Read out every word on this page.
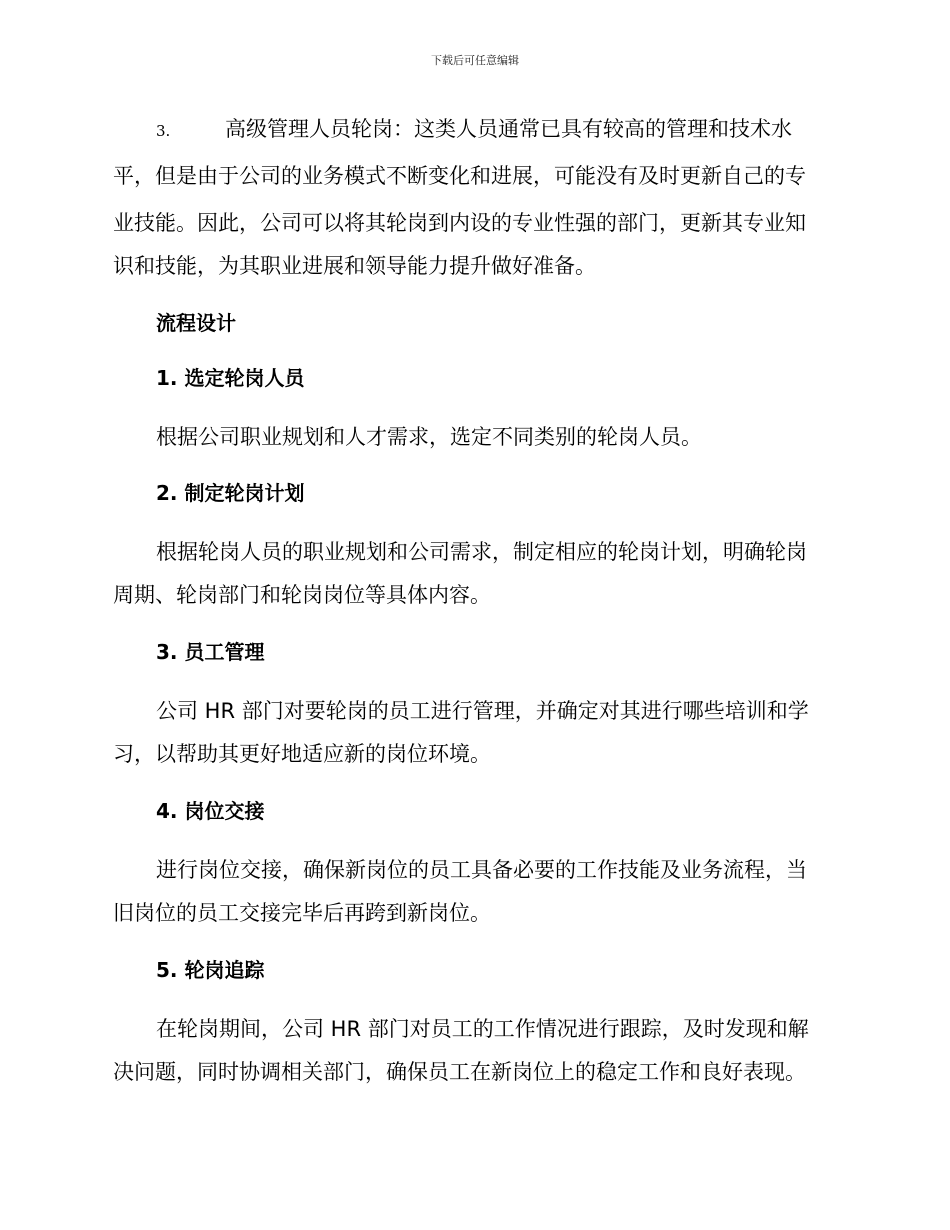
下载后可任意编辑
3.	高级管理人员轮岗：这类人员通常已具有较高的管理和技术水
平，但是由于公司的业务模式不断变化和进展，可能没有及时更新自己的专
业技能。因此，公司可以将其轮岗到内设的专业性强的部门，更新其专业知
识和技能，为其职业进展和领导能力提升做好准备。
流程设计
1. 选定轮岗人员
根据公司职业规划和人才需求，选定不同类别的轮岗人员。
2. 制定轮岗计划
根据轮岗人员的职业规划和公司需求，制定相应的轮岗计划，明确轮岗
周期、轮岗部门和轮岗岗位等具体内容。
3. 员工管理
公司 HR 部门对要轮岗的员工进行管理，并确定对其进行哪些培训和学
习，以帮助其更好地适应新的岗位环境。
4. 岗位交接
进行岗位交接，确保新岗位的员工具备必要的工作技能及业务流程，当
旧岗位的员工交接完毕后再跨到新岗位。
5. 轮岗追踪
在轮岗期间，公司 HR 部门对员工的工作情况进行跟踪，及时发现和解
决问题，同时协调相关部门，确保员工在新岗位上的稳定工作和良好表现。
